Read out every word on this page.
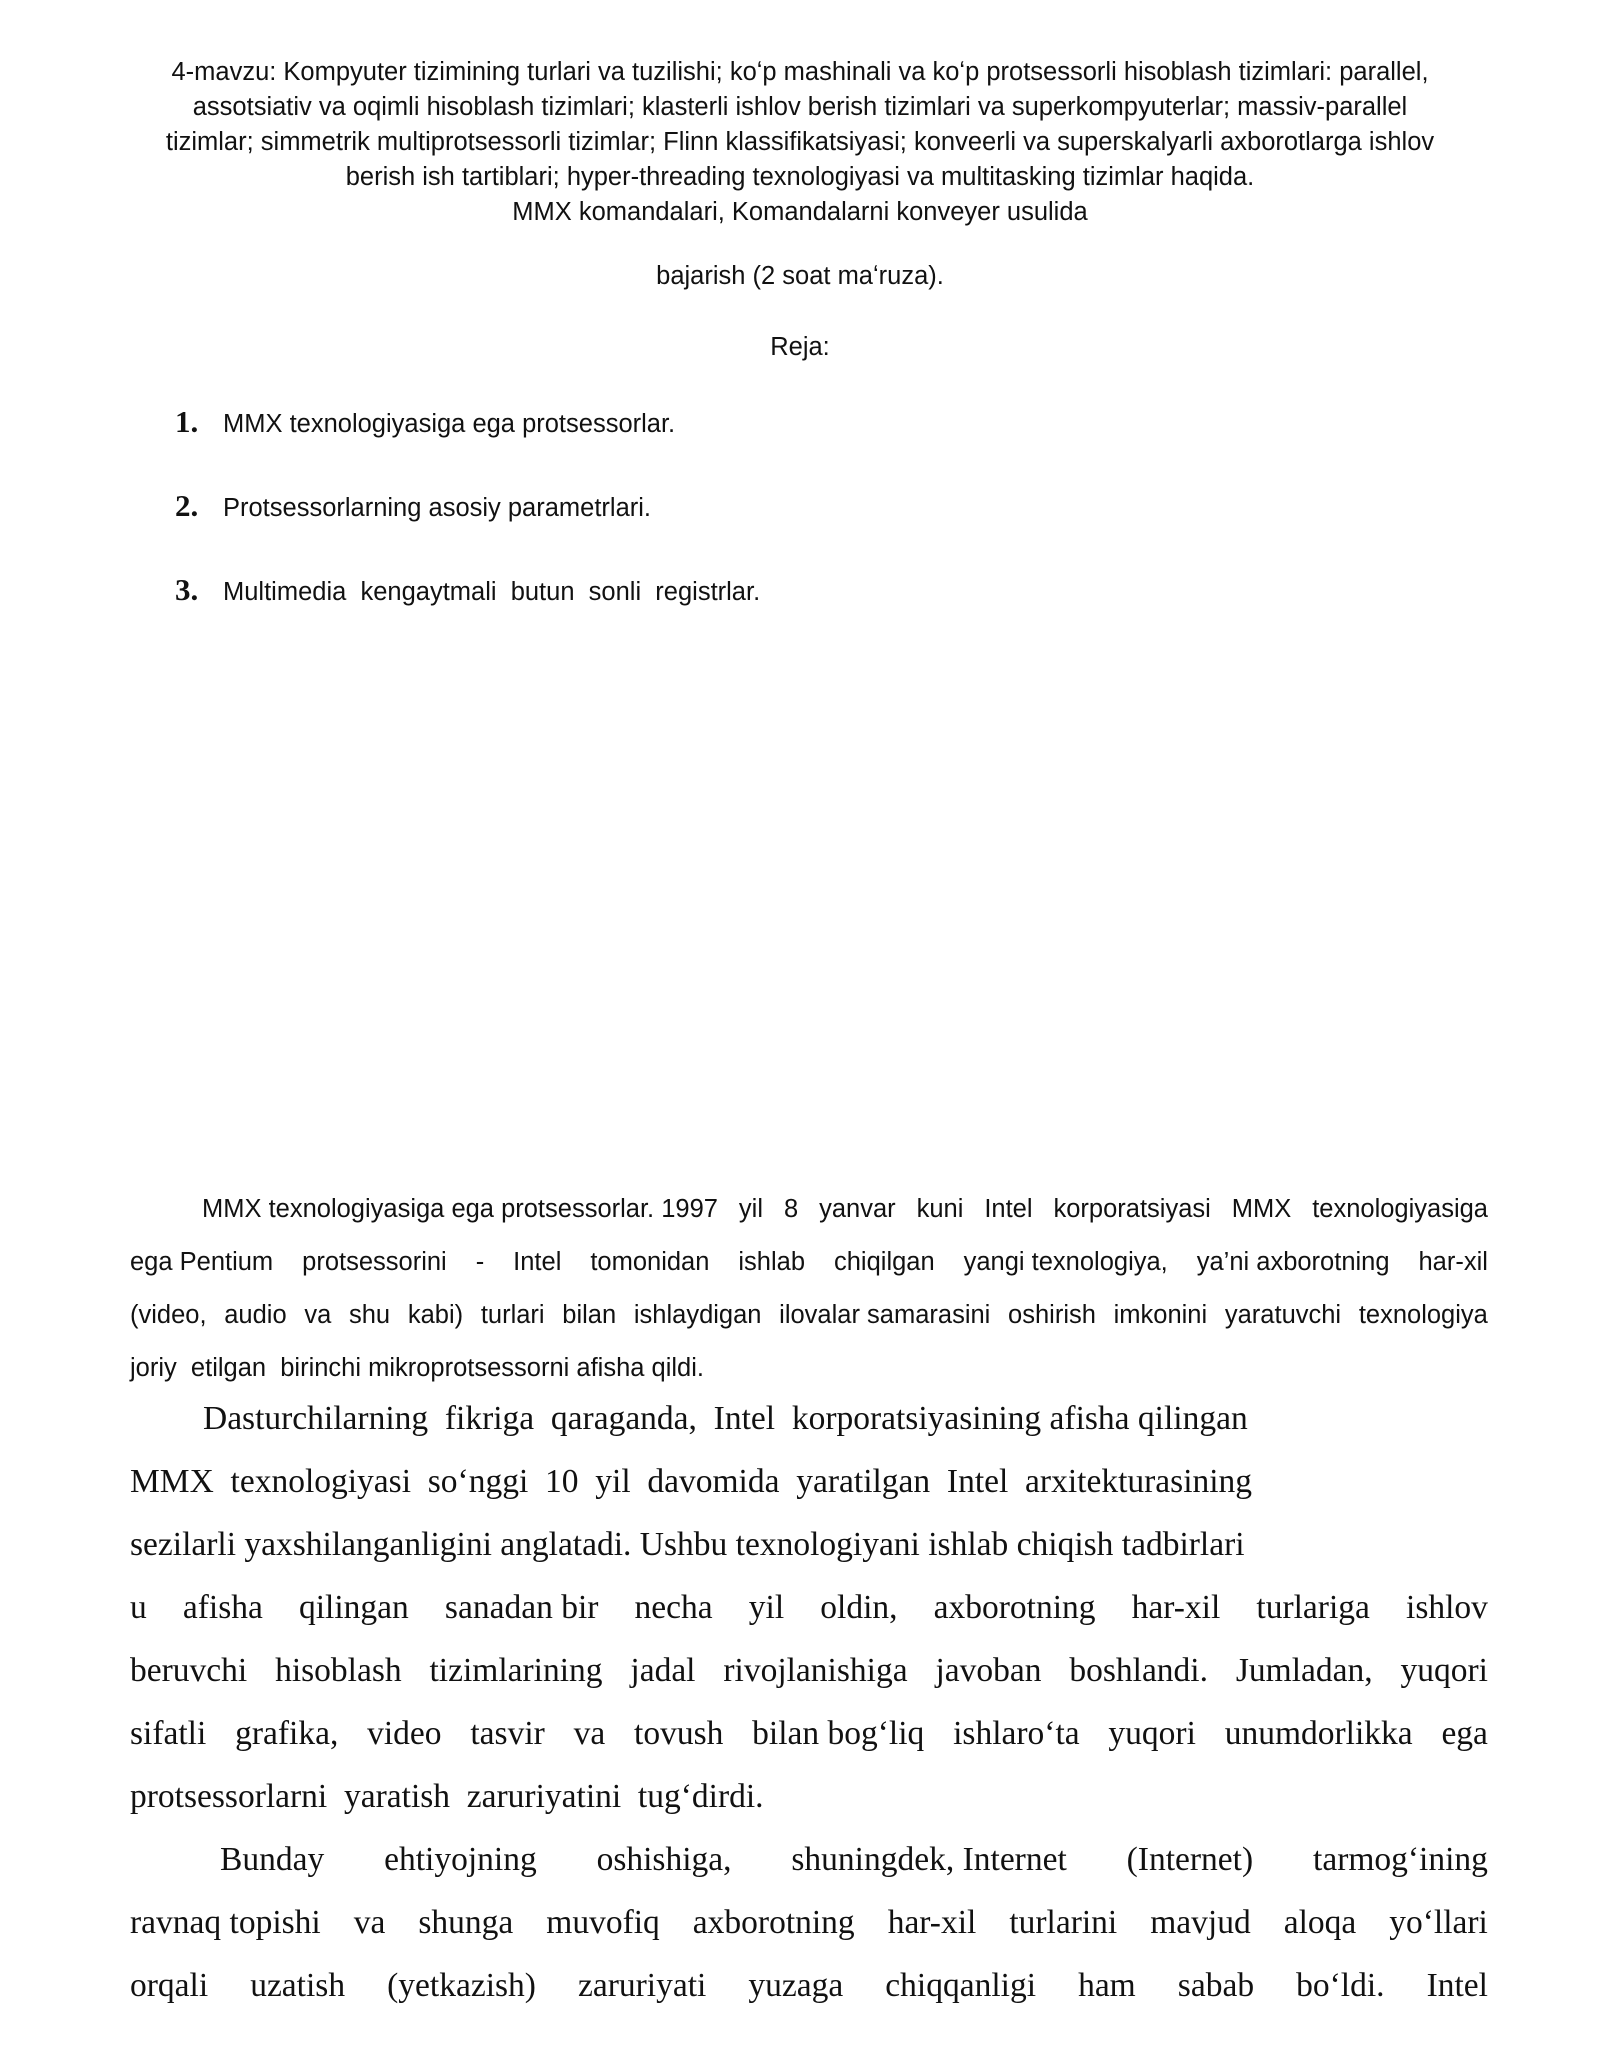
4-mavzu: Kompyuter tizimining turlari va tuzilishi; koʻp mashinali va koʻp protsessorli hisoblash tizimlari: parallel,
assotsiativ va oqimli hisoblash tizimlari; klasterli ishlov berish tizimlari va superkompyuterlar; massiv-parallel
tizimlar; simmetrik multiprotsessorli tizimlar; Flinn klassifikatsiyasi; konveerli va superskalyarli axborotlarga ishlov
berish ish tartiblari; hyper-threading texnologiyasi va multitasking tizimlar haqida.
MMX komandalari, Komandalarni konveyer usulida
bajarish (2 soat maʻruza).
Reja:
1. MMX texnologiyasiga ega protsessorlar.
2. Protsessorlarning asosiy parametrlari.
3. Multimedia  kengaytmali  butun  sonli  registrlar.
MMX texnologiyasiga ega protsessorlar. 1997 yil 8 yanvar kuni Intel korporatsiyasi MMX texnologiyasiga
ega Pentium protsessorini - Intel tomonidan ishlab chiqilgan yangi texnologiya, ya’ni axborotning har-xil
(video, audio va shu kabi) turlari bilan ishlaydigan ilovalar samarasini oshirish imkonini yaratuvchi texnologiya
joriy  etilgan  birinchi mikroprotsessorni afisha qildi.
Dasturchilarning  fikriga  qaraganda,  Intel  korporatsiyasining afisha qilingan
MMX  texnologiyasi  soʻnggi  10  yil  davomida  yaratilgan  Intel  arxitekturasining
sezilarli yaxshilanganligini anglatadi. Ushbu texnologiyani ishlab chiqish tadbirlari
u afisha qilingan sanadan bir necha yil oldin, axborotning har-xil turlariga ishlov
beruvchi hisoblash tizimlarining jadal rivojlanishiga javoban boshlandi. Jumladan, yuqori
sifatli grafika, video tasvir va tovush bilan bogʻliq ishlaroʻta yuqori unumdorlikka ega
protsessorlarni  yaratish  zaruriyatini  tugʻdirdi.
Bunday ehtiyojning oshishiga, shuningdek, Internet (Internet) tarmogʻining
ravnaq topishi va shunga muvofiq axborotning har-xil turlarini mavjud aloqa yoʻllari
orqali uzatish (yetkazish) zaruriyati yuzaga chiqqanligi ham sabab boʻldi. Intel
